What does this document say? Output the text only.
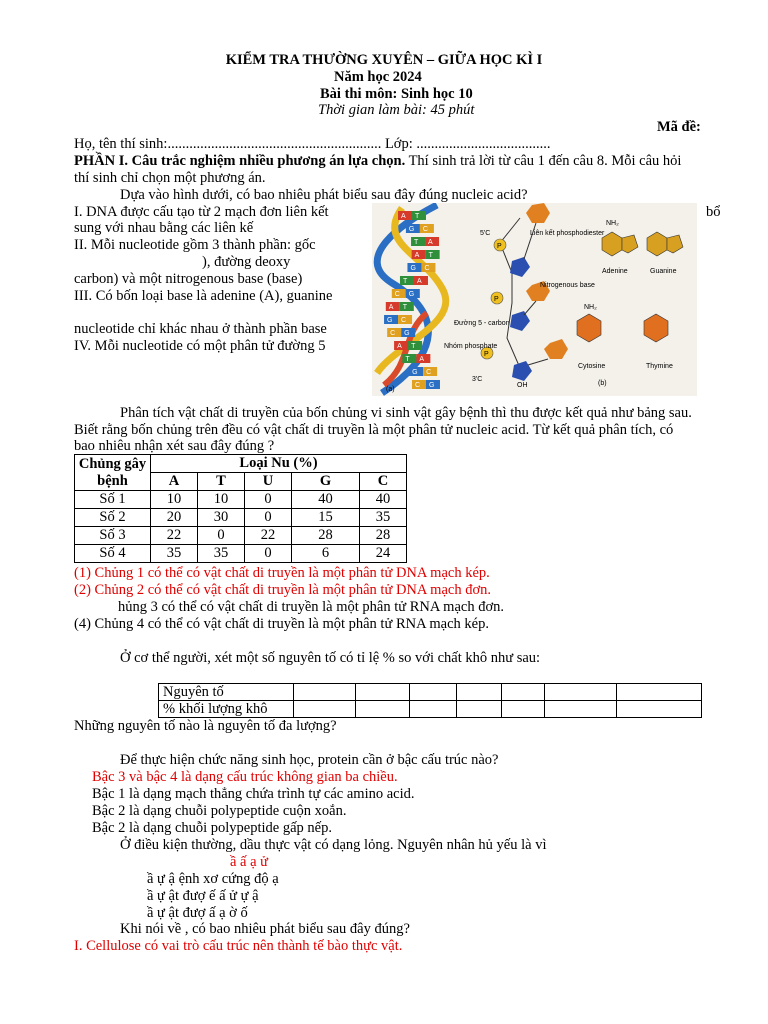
KIỂM TRA THƯỜNG XUYÊN – GIỮA HỌC KÌ I
Năm học 2024
Bài thi môn: Sinh học 10
Thời gian làm bài: 45 phút
Mã đề:
Họ, tên thí sinh:........................................................... Lớp: .....................................
PHẦN I. Câu trắc nghiệm nhiều phương án lựa chọn. Thí sinh trả lời từ câu 1 đến câu 8. Mỗi câu hỏi
thí sinh chỉ chọn một phương án.
Dựa vào hình dưới, có bao nhiêu phát biểu sau đây đúng nucleic acid?
I. DNA được cấu tạo từ 2 mạch đơn liên kết	bổ
sung với nhau bằng các liên kế
II. Mỗi nucleotide gồm 3 thành phần: gốc
), đường deoxy
carbon) và một nitrogenous base (base)
III. Có bốn loại base là adenine (A), guanine
nucleotide chỉ khác nhau ở thành phần base
IV. Mỗi nucleotide có một phân tử đường 5
A T
G C
T A
A T
G C
T A
C G
A T
G C
C G
A T
T A
G C
C G
P
P
P
5'C
3'C
OH
Liên kết phosphodiester
Nitrogenous base
Đường 5 - carbon
Nhóm phosphate
(a)
(b)
NH₂
Adenine	Guanine
NH₂
Cytosine	Thymine
Phân tích vật chất di truyền của bốn chủng vi sinh vật gây bệnh thì thu được kết quả như bảng sau.
Biết rằng bốn chủng trên đều có vật chất di truyền là một phân tử nucleic acid. Từ kết quả phân tích, có
bao nhiêu nhận xét sau đây đúng ?
Chủng gây bệnh	Loại Nu (%)				
	A	T	U	G	C
Số 1	10	10	0	40	40
Số 2	20	30	0	15	35
Số 3	22	0	22	28	28
Số 4	35	35	0	6	24
(1) Chủng 1 có thể có vật chất di truyền là một phân tử DNA mạch kép.
(2) Chủng 2 có thể có vật chất di truyền là một phân tử DNA mạch đơn.
hủng 3 có thể có vật chất di truyền là một phân tử RNA mạch đơn.
(4) Chủng 4 có thể có vật chất di truyền là một phân tử RNA mạch kép.
Ở cơ thể người, xét một số nguyên tố có tỉ lệ % so với chất khô như sau:
Nguyên tố							
% khối lượng khô							
Những nguyên tố nào là nguyên tố đa lượng?
Để thực hiện chức năng sinh học, protein cần ở bậc cấu trúc nào?
Bậc 3 và bậc 4 là dạng cấu trúc không gian ba chiều.
Bậc 1 là dạng mạch thẳng chứa trình tự các amino acid.
Bậc 2 là dạng chuỗi polypeptide cuộn xoắn.
Bậc 2 là dạng chuỗi polypeptide gấp nếp.
Ở điều kiện thường, dầu thực vật có dạng lỏng. Nguyên nhân hủ yếu là vì
ầ ấ ạ ử
ầ ự ậ ệnh xơ cứng độ ạ
ầ ự ật đượ ế ấ ử ự ậ
ầ ự ật đượ ấ ạ ờ ố
Khi nói về , có bao nhiêu phát biểu sau đây đúng?
I. Cellulose có vai trò cấu trúc nên thành tế bào thực vật.
